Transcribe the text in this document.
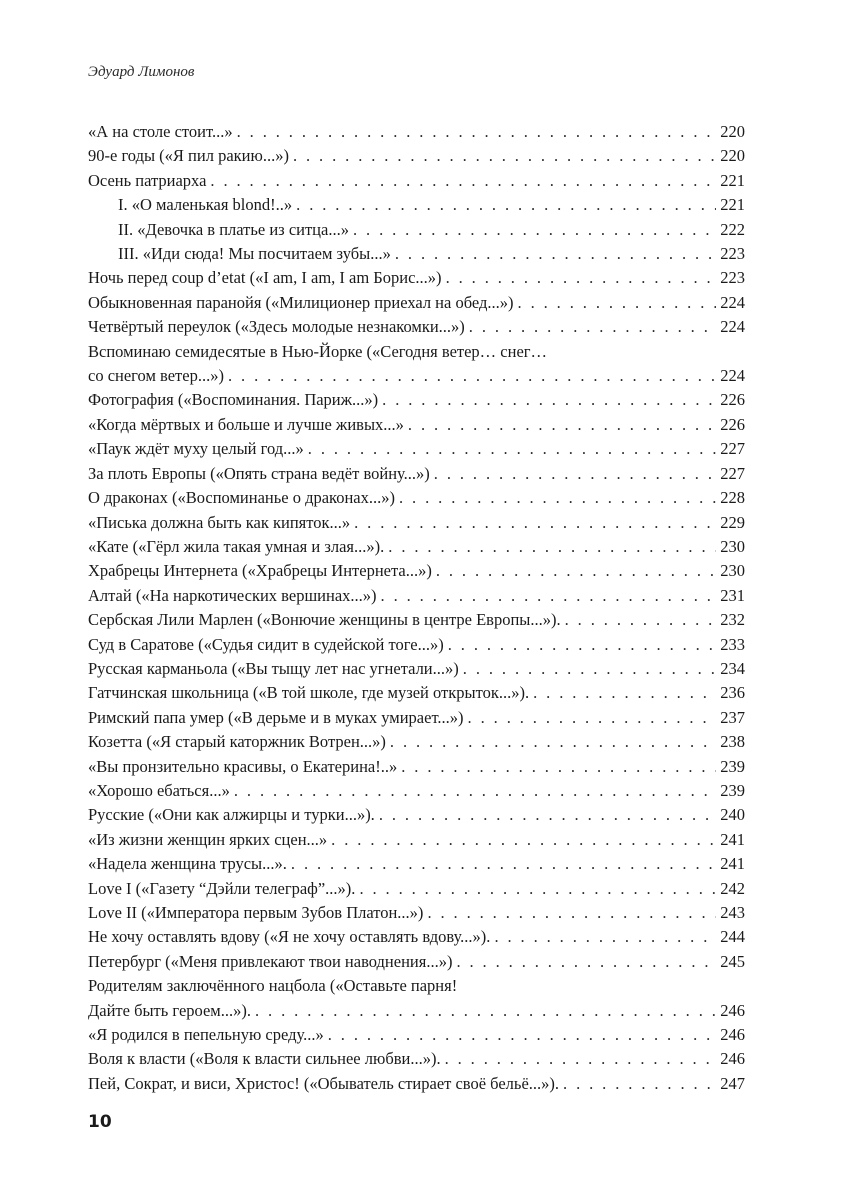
Эдуард Лимонов
«А на столе стоит...» . . .	220
90-е годы («Я пил ракию...») . . .	220
Осень патриарха . . .	221
I. «О маленькая blond!..» . . .	221
II. «Девочка в платье из ситца...» . . .	222
III. «Иди сюда! Мы посчитаем зубы...» . . .	223
Ночь перед coup d’etat («I am, I am, I am Борис...») . . .	223
Обыкновенная паранойя («Милиционер приехал на обед...») . . .	224
Четвёртый переулок («Здесь молодые незнакомки...») . . .	224
Вспоминаю семидесятые в Нью-Йорке («Сегодня ветер… снег…
со снегом ветер...») . . .	224
Фотография («Воспоминания. Париж...») . . .	226
«Когда мёртвых и больше и лучше живых...» . . .	226
«Паук ждёт муху целый год...» . . .	227
За плоть Европы («Опять страна ведёт войну...») . . .	227
О драконах («Воспоминанье о драконах...») . . .	228
«Писька должна быть как кипяток...» . . .	229
«Кате («Гёрл жила такая умная и злая...»). . . .	230
Храбрецы Интернета («Храбрецы Интернета...») . . .	230
Алтай («На наркотических вершинах...») . . .	231
Сербская Лили Марлен («Вонючие женщины в центре Европы...»). . . .	232
Суд в Саратове («Судья сидит в судейской тоге...») . . .	233
Русская карманьола («Вы тыщу лет нас угнетали...») . . .	234
Гатчинская школьница («В той школе, где музей открыток...»). . . .	236
Римский папа умер («В дерьме и в муках умирает...») . . .	237
Козетта («Я старый каторжник Вотрен...») . . .	238
«Вы пронзительно красивы, о Екатерина!..» . . .	239
«Хорошо ебаться...» . . .	239
Русские («Они как алжирцы и турки...»). . . .	240
«Из жизни женщин ярких сцен...» . . .	241
«Надела женщина трусы...». . . .	241
Love I («Газету “Дэйли телеграф”...»). . . .	242
Love II («Императора первым Зубов Платон...») . . .	243
Не хочу оставлять вдову («Я не хочу оставлять вдову...»). . . .	244
Петербург («Меня привлекают твои наводнения...») . . .	245
Родителям заключённого нацбола («Оставьте парня!
Дайте быть героем...»). . . .	246
«Я родился в пепельную среду...» . . .	246
Воля к власти («Воля к власти сильнее любви...»). . . .	246
Пей, Сократ, и виси, Христос! («Обыватель стирает своё бельё...»). . . .	247
10
